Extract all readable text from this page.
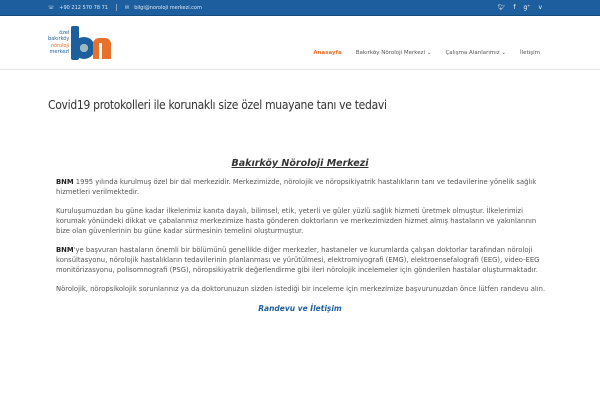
☏ +90 212 570 78 71	✉ bilgi@noroloji merkezi.com	🐦︎ f g⁺ v
özel
bakırköy
nöroloji
merkezi	Anasayfa	Bakırköy Nöroloji Merkezi ⌄	Çalışma Alanlarımız ⌄	İletişim
Covid19 protokolleri ile korunaklı size özel muayane tanı ve tedavi
Bakırköy Nöroloji Merkezi

BNM 1995 yılında kurulmuş özel bir dal merkezidir. Merkezimizde, nörolojik ve nöropsikiyatrik hastalıkların tanı ve tedavilerine yönelik sağlık hizmetleri verilmektedir.

Kuruluşumuzdan bu güne kadar ilkelerimiz kanıta dayalı, bilimsel, etik, yeterli ve güler yüzlü sağlık hizmeti üretmek olmuştur. İlkelerimizi korumak yönündeki dikkat ve çabalarımız merkezimize hasta gönderen doktorların ve merkezimizden hizmet almış hastaların ve yakınlarının bize olan güvenlerinin bu güne kadar sürmesinin temelini oluşturmuştur.

BNM'ye başvuran hastaların önemli bir bölümünü genellikle diğer merkezler, hastaneler ve kurumlarda çalışan doktorlar tarafından nöroloji konsültasyonu, nörolojik hastalıkların tedavilerinin planlanması ve yürütülmesi, elektromiyografi (EMG), elektroensefalografi (EEG), video-EEG monitörizasyonu, polisomnografi (PSG), nöropsikiyatrik değerlendirme gibi ileri nörolojik incelemeler için gönderilen hastalar oluşturmaktadır.

Nörolojik, nöropsikolojik sorunlarınız ya da doktorunuzun sizden istediği bir inceleme için merkezimize başvurunuzdan önce lütfen randevu alın.

Randevu ve İletişim
